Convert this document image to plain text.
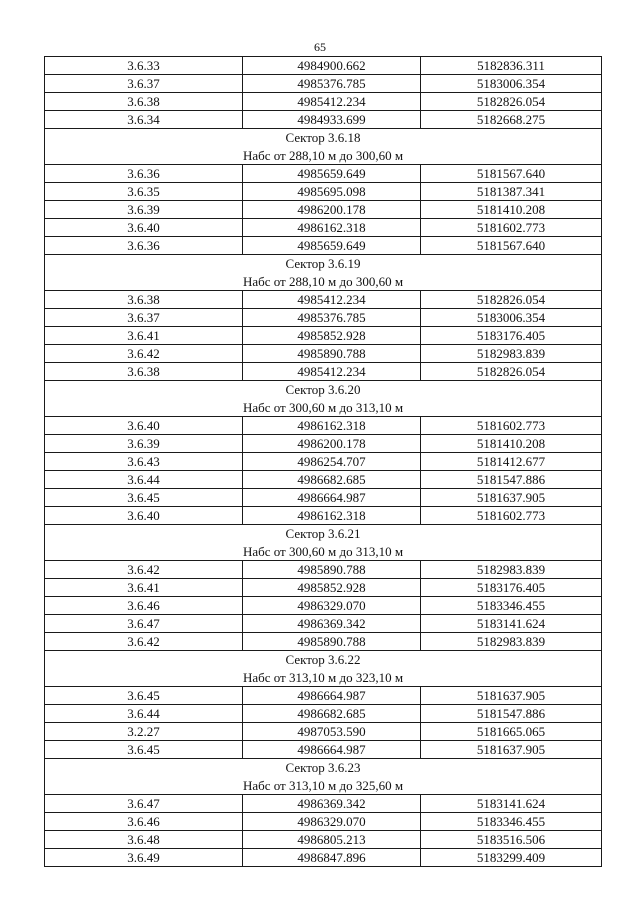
65
3.6.33	4984900.662	5182836.311
3.6.37	4985376.785	5183006.354
3.6.38	4985412.234	5182826.054
3.6.34	4984933.699	5182668.275

Сектор 3.6.18
Набс от 288,10 м до 300,60 м		

3.6.36	4985659.649	5181567.640
3.6.35	4985695.098	5181387.341
3.6.39	4986200.178	5181410.208
3.6.40	4986162.318	5181602.773
3.6.36	4985659.649	5181567.640

Сектор 3.6.19
Набс от 288,10 м до 300,60 м		

3.6.38	4985412.234	5182826.054
3.6.37	4985376.785	5183006.354
3.6.41	4985852.928	5183176.405
3.6.42	4985890.788	5182983.839
3.6.38	4985412.234	5182826.054

Сектор 3.6.20
Набс от 300,60 м до 313,10 м		

3.6.40	4986162.318	5181602.773
3.6.39	4986200.178	5181410.208
3.6.43	4986254.707	5181412.677
3.6.44	4986682.685	5181547.886
3.6.45	4986664.987	5181637.905
3.6.40	4986162.318	5181602.773

Сектор 3.6.21
Набс от 300,60 м до 313,10 м		

3.6.42	4985890.788	5182983.839
3.6.41	4985852.928	5183176.405
3.6.46	4986329.070	5183346.455
3.6.47	4986369.342	5183141.624
3.6.42	4985890.788	5182983.839

Сектор 3.6.22
Набс от 313,10 м до 323,10 м		

3.6.45	4986664.987	5181637.905
3.6.44	4986682.685	5181547.886
3.2.27	4987053.590	5181665.065
3.6.45	4986664.987	5181637.905

Сектор 3.6.23
Набс от 313,10 м до 325,60 м		

3.6.47	4986369.342	5183141.624
3.6.46	4986329.070	5183346.455
3.6.48	4986805.213	5183516.506
3.6.49	4986847.896	5183299.409
